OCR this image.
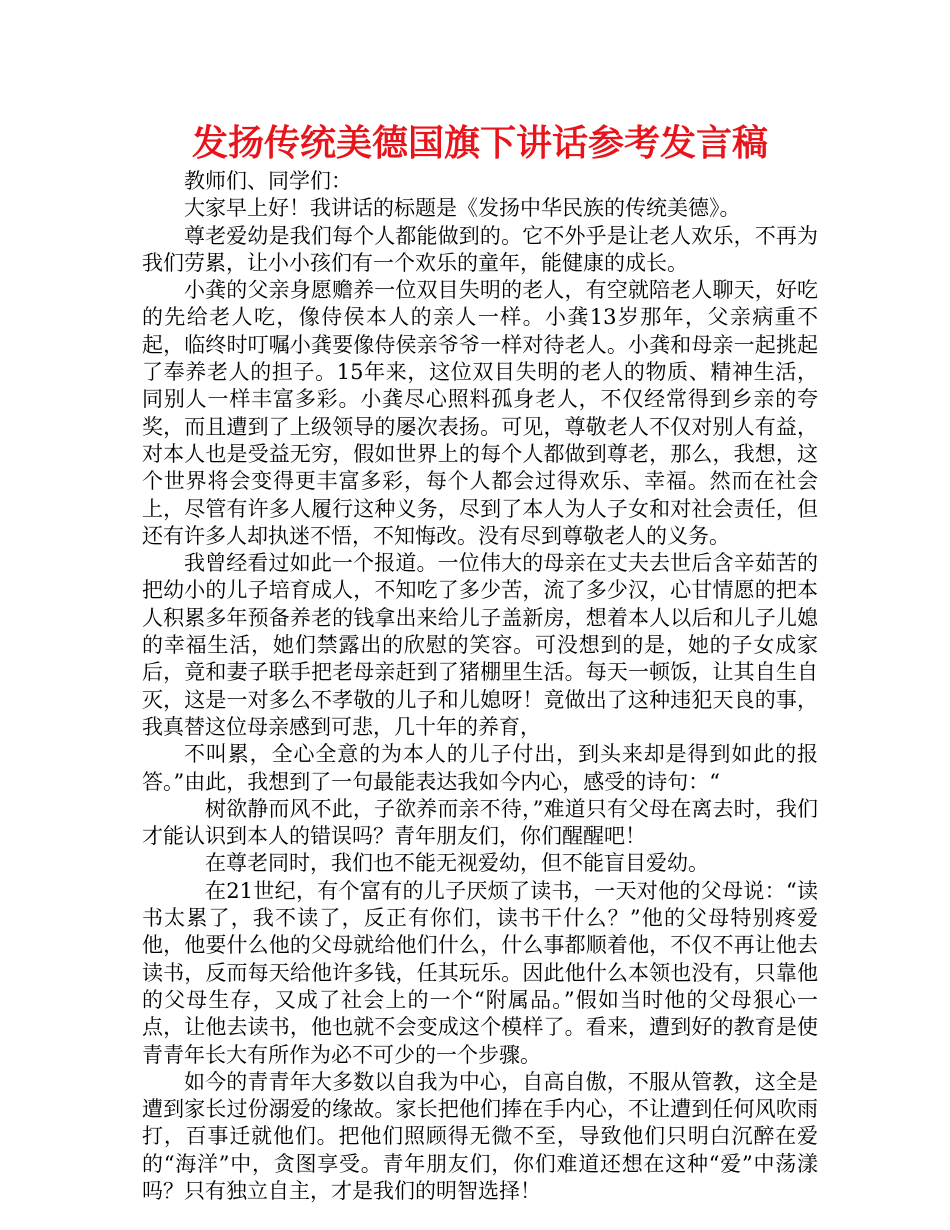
发扬传统美德国旗下讲话参考发言稿

教师们、同学们：

大家早上好！我讲话的标题是《发扬中华民族的传统美德》。

尊老爱幼是我们每个人都能做到的。它不外乎是让老人欢乐，不再为我们劳累，让小小孩们有一个欢乐的童年，能健康的成长。

小龚的父亲身愿赡养一位双目失明的老人，有空就陪老人聊天，好吃的先给老人吃，像侍侯本人的亲人一样。小龚13岁那年，父亲病重不起，临终时叮嘱小龚要像侍侯亲爷爷一样对待老人。小龚和母亲一起挑起了奉养老人的担子。15年来，这位双目失明的老人的物质、精神生活，同别人一样丰富多彩。小龚尽心照料孤身老人，不仅经常得到乡亲的夸奖，而且遭到了上级领导的屡次表扬。可见，尊敬老人不仅对别人有益，对本人也是受益无穷，假如世界上的每个人都做到尊老，那么，我想，这个世界将会变得更丰富多彩，每个人都会过得欢乐、幸福。然而在社会上，尽管有许多人履行这种义务，尽到了本人为人子女和对社会责任，但还有许多人却执迷不悟，不知悔改。没有尽到尊敬老人的义务。

我曾经看过如此一个报道。一位伟大的母亲在丈夫去世后含辛茹苦的把幼小的儿子培育成人，不知吃了多少苦，流了多少汉，心甘情愿的把本人积累多年预备养老的钱拿出来给儿子盖新房，想着本人以后和儿子儿媳的幸福生活，她们禁露出的欣慰的笑容。可没想到的是，她的子女成家后，竟和妻子联手把老母亲赶到了猪棚里生活。每天一顿饭，让其自生自灭，这是一对多么不孝敬的儿子和儿媳呀！竟做出了这种违犯天良的事，我真替这位母亲感到可悲，几十年的养育，

不叫累，全心全意的为本人的儿子付出，到头来却是得到如此的报答。”由此，我想到了一句最能表达我如今内心，感受的诗句：“

树欲静而风不此，子欲养而亲不待，”难道只有父母在离去时，我们才能认识到本人的错误吗？青年朋友们，你们醒醒吧！

在尊老同时，我们也不能无视爱幼，但不能盲目爱幼。

在21世纪，有个富有的儿子厌烦了读书，一天对他的父母说：“读书太累了，我不读了，反正有你们，读书干什么？”他的父母特别疼爱他，他要什么他的父母就给他们什么，什么事都顺着他，不仅不再让他去读书，反而每天给他许多钱，任其玩乐。因此他什么本领也没有，只靠他的父母生存，又成了社会上的一个“附属品。”假如当时他的父母狠心一点，让他去读书，他也就不会变成这个模样了。看来，遭到好的教育是使青青年长大有所作为必不可少的一个步骤。

如今的青青年大多数以自我为中心，自高自傲，不服从管教，这全是遭到家长过份溺爱的缘故。家长把他们捧在手内心，不让遭到任何风吹雨打，百事迁就他们。把他们照顾得无微不至，导致他们只明白沉醉在爱的“海洋”中，贪图享受。青年朋友们，你们难道还想在这种“爱”中荡漾吗？只有独立自主，才是我们的明智选择！
